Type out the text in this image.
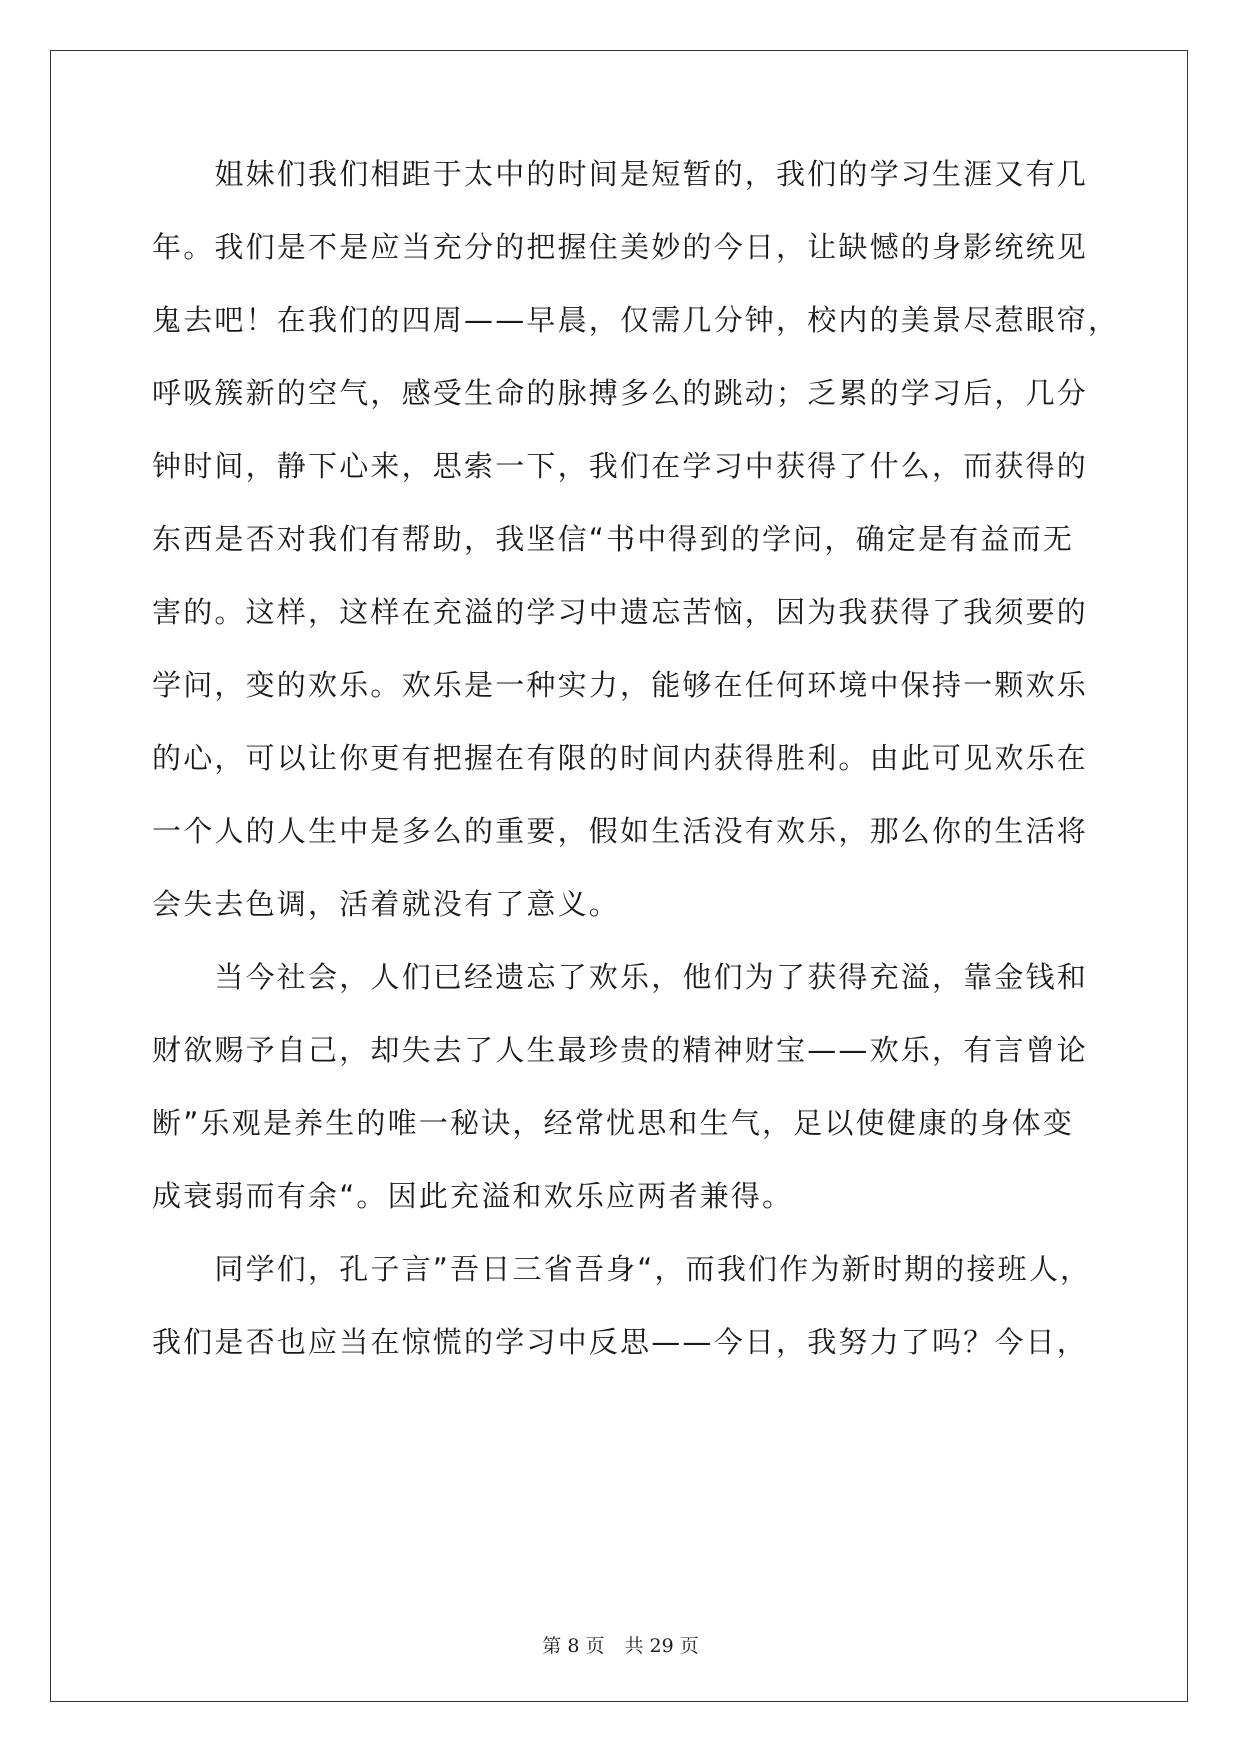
　　姐妹们我们相距于太中的时间是短暂的，我们的学习生涯又有几
年。我们是不是应当充分的把握住美妙的今日，让缺憾的身影统统见
鬼去吧！在我们的四周——早晨，仅需几分钟，校内的美景尽惹眼帘，
呼吸簇新的空气，感受生命的脉搏多么的跳动；乏累的学习后，几分
钟时间，静下心来，思索一下，我们在学习中获得了什么，而获得的
东西是否对我们有帮助，我坚信“书中得到的学问，确定是有益而无
害的。这样，这样在充溢的学习中遗忘苦恼，因为我获得了我须要的
学问，变的欢乐。欢乐是一种实力，能够在任何环境中保持一颗欢乐
的心，可以让你更有把握在有限的时间内获得胜利。由此可见欢乐在
一个人的人生中是多么的重要，假如生活没有欢乐，那么你的生活将
会失去色调，活着就没有了意义。
　　当今社会，人们已经遗忘了欢乐，他们为了获得充溢，靠金钱和
财欲赐予自己，却失去了人生最珍贵的精神财宝——欢乐，有言曾论
断”乐观是养生的唯一秘诀，经常忧思和生气，足以使健康的身体变
成衰弱而有余“。因此充溢和欢乐应两者兼得。
　　同学们，孔子言”吾日三省吾身“，而我们作为新时期的接班人，
我们是否也应当在惊慌的学习中反思——今日，我努力了吗？今日，
第 8 页 共 29 页
